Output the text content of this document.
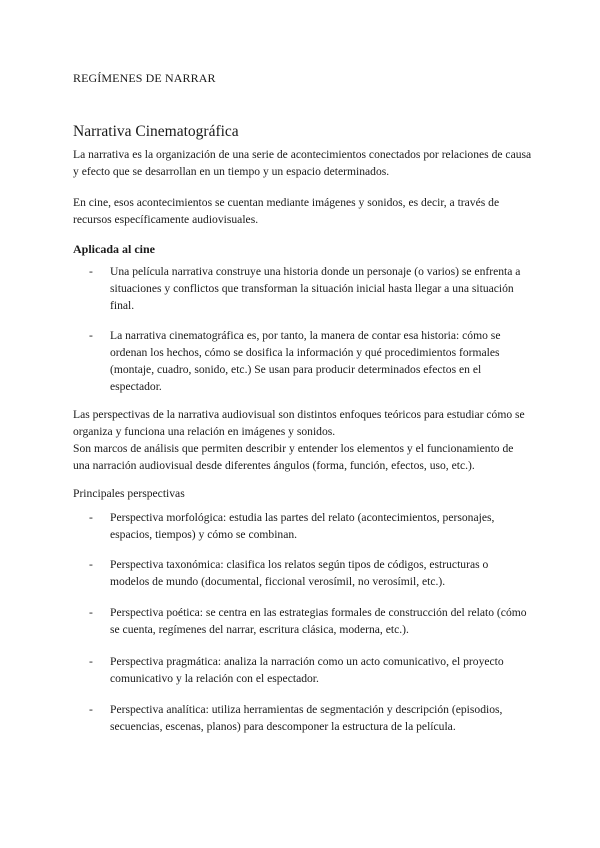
REGÍMENES DE NARRAR
Narrativa Cinematográfica

La narrativa es la organización de una serie de acontecimientos conectados por relaciones de causa y efecto que se desarrollan en un tiempo y un espacio determinados.

En cine, esos acontecimientos se cuentan mediante imágenes y sonidos, es decir, a través de recursos específicamente audiovisuales.

Aplicada al cine
-	Una película narrativa construye una historia donde un personaje (o varios) se enfrenta a situaciones y conflictos que transforman la situación inicial hasta llegar a una situación final.

-	La narrativa cinematográfica es, por tanto, la manera de contar esa historia: cómo se ordenan los hechos, cómo se dosifica la información y qué procedimientos formales (montaje, cuadro, sonido, etc.) Se usan para producir determinados efectos en el espectador.

Las perspectivas de la narrativa audiovisual son distintos enfoques teóricos para estudiar cómo se organiza y funciona una relación en imágenes y sonidos.

Son marcos de análisis que permiten describir y entender los elementos y el funcionamiento de una narración audiovisual desde diferentes ángulos (forma, función, efectos, uso, etc.).

Principales perspectivas
-	Perspectiva morfológica: estudia las partes del relato (acontecimientos, personajes, espacios, tiempos) y cómo se combinan.

-	Perspectiva taxonómica: clasifica los relatos según tipos de códigos, estructuras o modelos de mundo (documental, ficcional verosímil, no verosímil, etc.).

-	Perspectiva poética: se centra en las estrategias formales de construcción del relato (cómo se cuenta, regímenes del narrar, escritura clásica, moderna, etc.).

-	Perspectiva pragmática: analiza la narración como un acto comunicativo, el proyecto comunicativo y la relación con el espectador.

-	Perspectiva analítica: utiliza herramientas de segmentación y descripción (episodios, secuencias, escenas, planos) para descomponer la estructura de la película.
